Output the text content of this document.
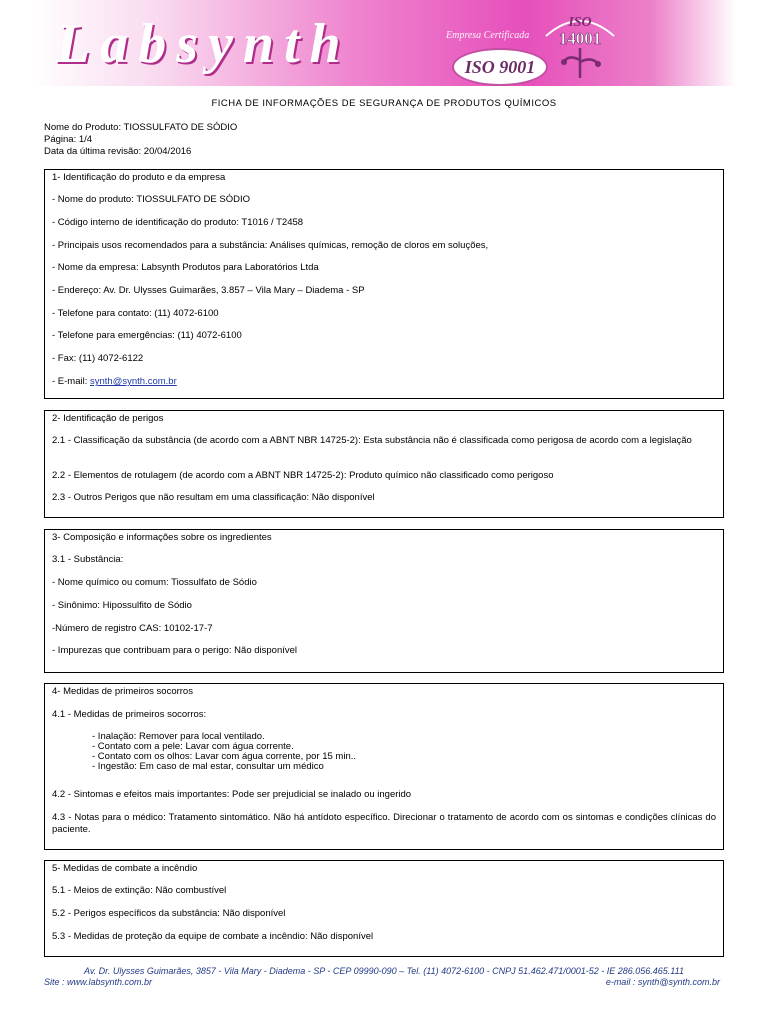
Labsynth	Empresa Certificada
ISO 9001
ISO
14001
FICHA DE INFORMAÇÕES DE SEGURANÇA DE PRODUTOS QUÍMICOS
Nome do Produto: TIOSSULFATO DE SÓDIO
Página: 1/4
Data da última revisão: 20/04/2016
1- Identificação do produto e da empresa
- Nome do produto: TIOSSULFATO DE SÓDIO
- Código interno de identificação do produto: T1016 / T2458
- Principais usos recomendados para a substância: Análises químicas, remoção de cloros em soluções,
- Nome da empresa: Labsynth Produtos para Laboratórios Ltda
- Endereço: Av. Dr. Ulysses Guimarães, 3.857 – Vila Mary – Diadema - SP
- Telefone para contato: (11) 4072-6100
- Telefone para emergências: (11) 4072-6100
- Fax: (11) 4072-6122
- E-mail: synth@synth.com.br
2- Identificação de perigos
2.1 - Classificação da substância (de acordo com a ABNT NBR 14725-2): Esta substância não é classificada como perigosa de acordo com a legislação
2.2 - Elementos de rotulagem (de acordo com a ABNT NBR 14725-2): Produto químico não classificado como perigoso
2.3 - Outros Perigos que não resultam em uma classificação: Não disponível
3- Composição e informações sobre os ingredientes
3.1 - Substância:
- Nome químico ou comum: Tiossulfato de Sódio
- Sinônimo: Hipossulfito de Sódio
-Número de registro CAS: 10102-17-7
- Impurezas que contribuam para o perigo: Não disponível
4- Medidas de primeiros socorros
4.1 - Medidas de primeiros socorros:
- Inalação: Remover para local ventilado.
- Contato com a pele: Lavar com água corrente.
- Contato com os olhos: Lavar com água corrente, por 15 min..
- Ingestão: Em caso de mal estar, consultar um médico
4.2 - Sintomas e efeitos mais importantes: Pode ser prejudicial se inalado ou ingerido
4.3 - Notas para o médico: Tratamento sintomático. Não há antídoto específico. Direcionar o tratamento de acordo com os sintomas e condições clínicas do paciente.
5- Medidas de combate a incêndio
5.1 - Meios de extinção: Não combustível
5.2 - Perigos específicos da substância: Não disponível
5.3 - Medidas de proteção da equipe de combate a incêndio: Não disponível
Av. Dr. Ulysses Guimarães, 3857 - Vila Mary - Diadema - SP - CEP 09990-090 – Tel. (11) 4072-6100 - CNPJ 51.462.471/0001-52 - IE 286.056.465.111
Site : www.labsynth.com.br	e-mail : synth@synth.com.br
